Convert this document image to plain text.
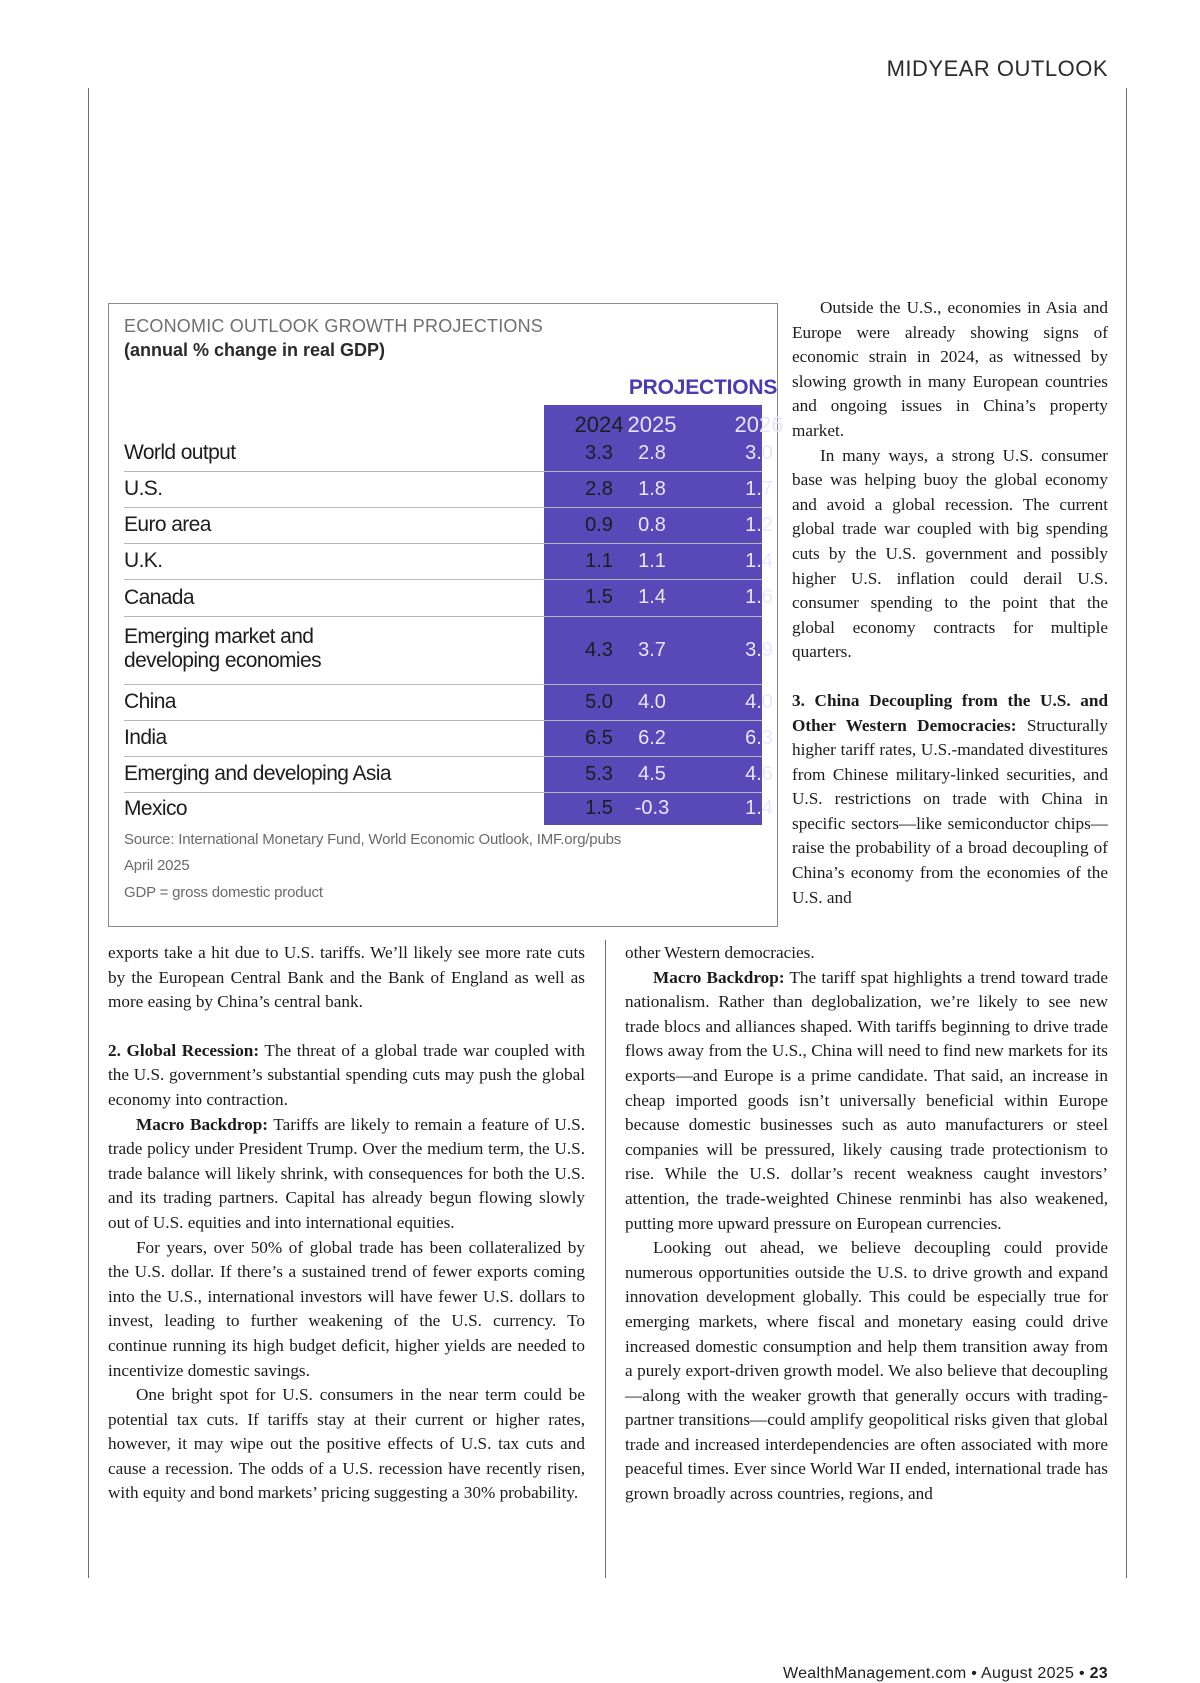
MIDYEAR OUTLOOK
ECONOMIC OUTLOOK GROWTH PROJECTIONS
(annual % change in real GDP)
PROJECTIONS
2024 2025	2026
World output	3.3	2.8	3.0
U.S.	2.8	1.8	1.7
Euro area	0.9	0.8	1.2
U.K.	1.1	1.1	1.4
Canada	1.5	1.4	1.6
Emerging market and developing economies	4.3	3.7	3.9
China	5.0	4.0	4.0
India	6.5	6.2	6.3
Emerging and developing Asia	5.3	4.5	4.6
Mexico	1.5	-0.3	1.4
Source: International Monetary Fund, World Economic Outlook, IMF.org/pubs
April 2025
GDP = gross domestic product

Outside the U.S., economies in Asia and Europe were already showing signs of economic strain in 2024, as witnessed by slowing growth in many European countries and ongoing issues in China’s property market.

In many ways, a strong U.S. consumer base was helping buoy the global economy and avoid a global recession. The current global trade war coupled with big spending cuts by the U.S. government and possibly higher U.S. inflation could derail U.S. consumer spending to the point that the global economy contracts for multiple quarters.

3. China Decoupling from the U.S. and Other Western Democracies: Structurally higher tariff rates, U.S.-mandated divestitures from Chinese military-linked securities, and U.S. restrictions on trade with China in specific sectors—like semiconductor chips—raise the probability of a broad decoupling of China’s economy from the economies of the U.S. and

exports take a hit due to U.S. tariffs. We’ll likely see more rate cuts by the European Central Bank and the Bank of England as well as more easing by China’s central bank.

2. Global Recession: The threat of a global trade war coupled with the U.S. government’s substantial spending cuts may push the global economy into contraction.

Macro Backdrop: Tariffs are likely to remain a feature of U.S. trade policy under President Trump. Over the medium term, the U.S. trade balance will likely shrink, with consequences for both the U.S. and its trading partners. Capital has already begun flowing slowly out of U.S. equities and into international equities.

For years, over 50% of global trade has been collateralized by the U.S. dollar. If there’s a sustained trend of fewer exports coming into the U.S., international investors will have fewer U.S. dollars to invest, leading to further weakening of the U.S. currency. To continue running its high budget deficit, higher yields are needed to incentivize domestic savings.

One bright spot for U.S. consumers in the near term could be potential tax cuts. If tariffs stay at their current or higher rates, however, it may wipe out the positive effects of U.S. tax cuts and cause a recession. The odds of a U.S. recession have recently risen, with equity and bond markets’ pricing suggesting a 30% probability.

other Western democracies.

Macro Backdrop: The tariff spat highlights a trend toward trade nationalism. Rather than deglobalization, we’re likely to see new trade blocs and alliances shaped. With tariffs beginning to drive trade flows away from the U.S., China will need to find new markets for its exports—and Europe is a prime candidate. That said, an increase in cheap imported goods isn’t universally beneficial within Europe because domestic businesses such as auto manufacturers or steel companies will be pressured, likely causing trade protectionism to rise. While the U.S. dollar’s recent weakness caught investors’ attention, the trade-weighted Chinese renminbi has also weakened, putting more upward pressure on European currencies.

Looking out ahead, we believe decoupling could provide numerous opportunities outside the U.S. to drive growth and expand innovation development globally. This could be especially true for emerging markets, where fiscal and monetary easing could drive increased domestic consumption and help them transition away from a purely export-driven growth model. We also believe that decoupling—along with the weaker growth that generally occurs with trading-partner transitions—could amplify geopolitical risks given that global trade and increased interdependencies are often associated with more peaceful times. Ever since World War II ended, international trade has grown broadly across countries, regions, and

WealthManagement.com • August 2025 • 23
